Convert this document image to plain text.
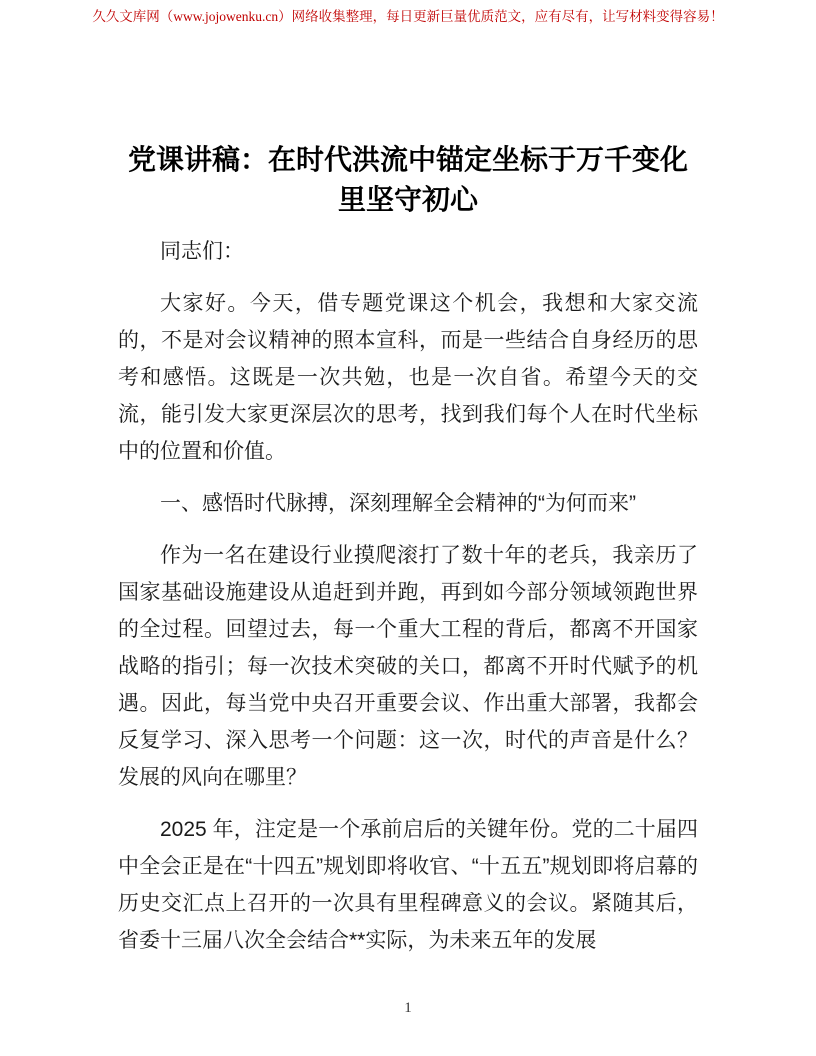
久久文库网（www.jojowenku.cn）网络收集整理，每日更新巨量优质范文，应有尽有，让写材料变得容易！
党课讲稿：在时代洪流中锚定坐标于万千变化里坚守初心

同志们：

大家好。今天，借专题党课这个机会，我想和大家交流的，不是对会议精神的照本宣科，而是一些结合自身经历的思考和感悟。这既是一次共勉，也是一次自省。希望今天的交流，能引发大家更深层次的思考，找到我们每个人在时代坐标中的位置和价值。

一、感悟时代脉搏，深刻理解全会精神的“为何而来”

作为一名在建设行业摸爬滚打了数十年的老兵，我亲历了国家基础设施建设从追赶到并跑，再到如今部分领域领跑世界的全过程。回望过去，每一个重大工程的背后，都离不开国家战略的指引；每一次技术突破的关口，都离不开时代赋予的机遇。因此，每当党中央召开重要会议、作出重大部署，我都会反复学习、深入思考一个问题：这一次，时代的声音是什么？发展的风向在哪里？

2025 年，注定是一个承前启后的关键年份。党的二十届四中全会正是在“十四五”规划即将收官、“十五五”规划即将启幕的历史交汇点上召开的一次具有里程碑意义的会议。紧随其后，省委十三届八次全会结合**实际，为未来五年的发展

1
